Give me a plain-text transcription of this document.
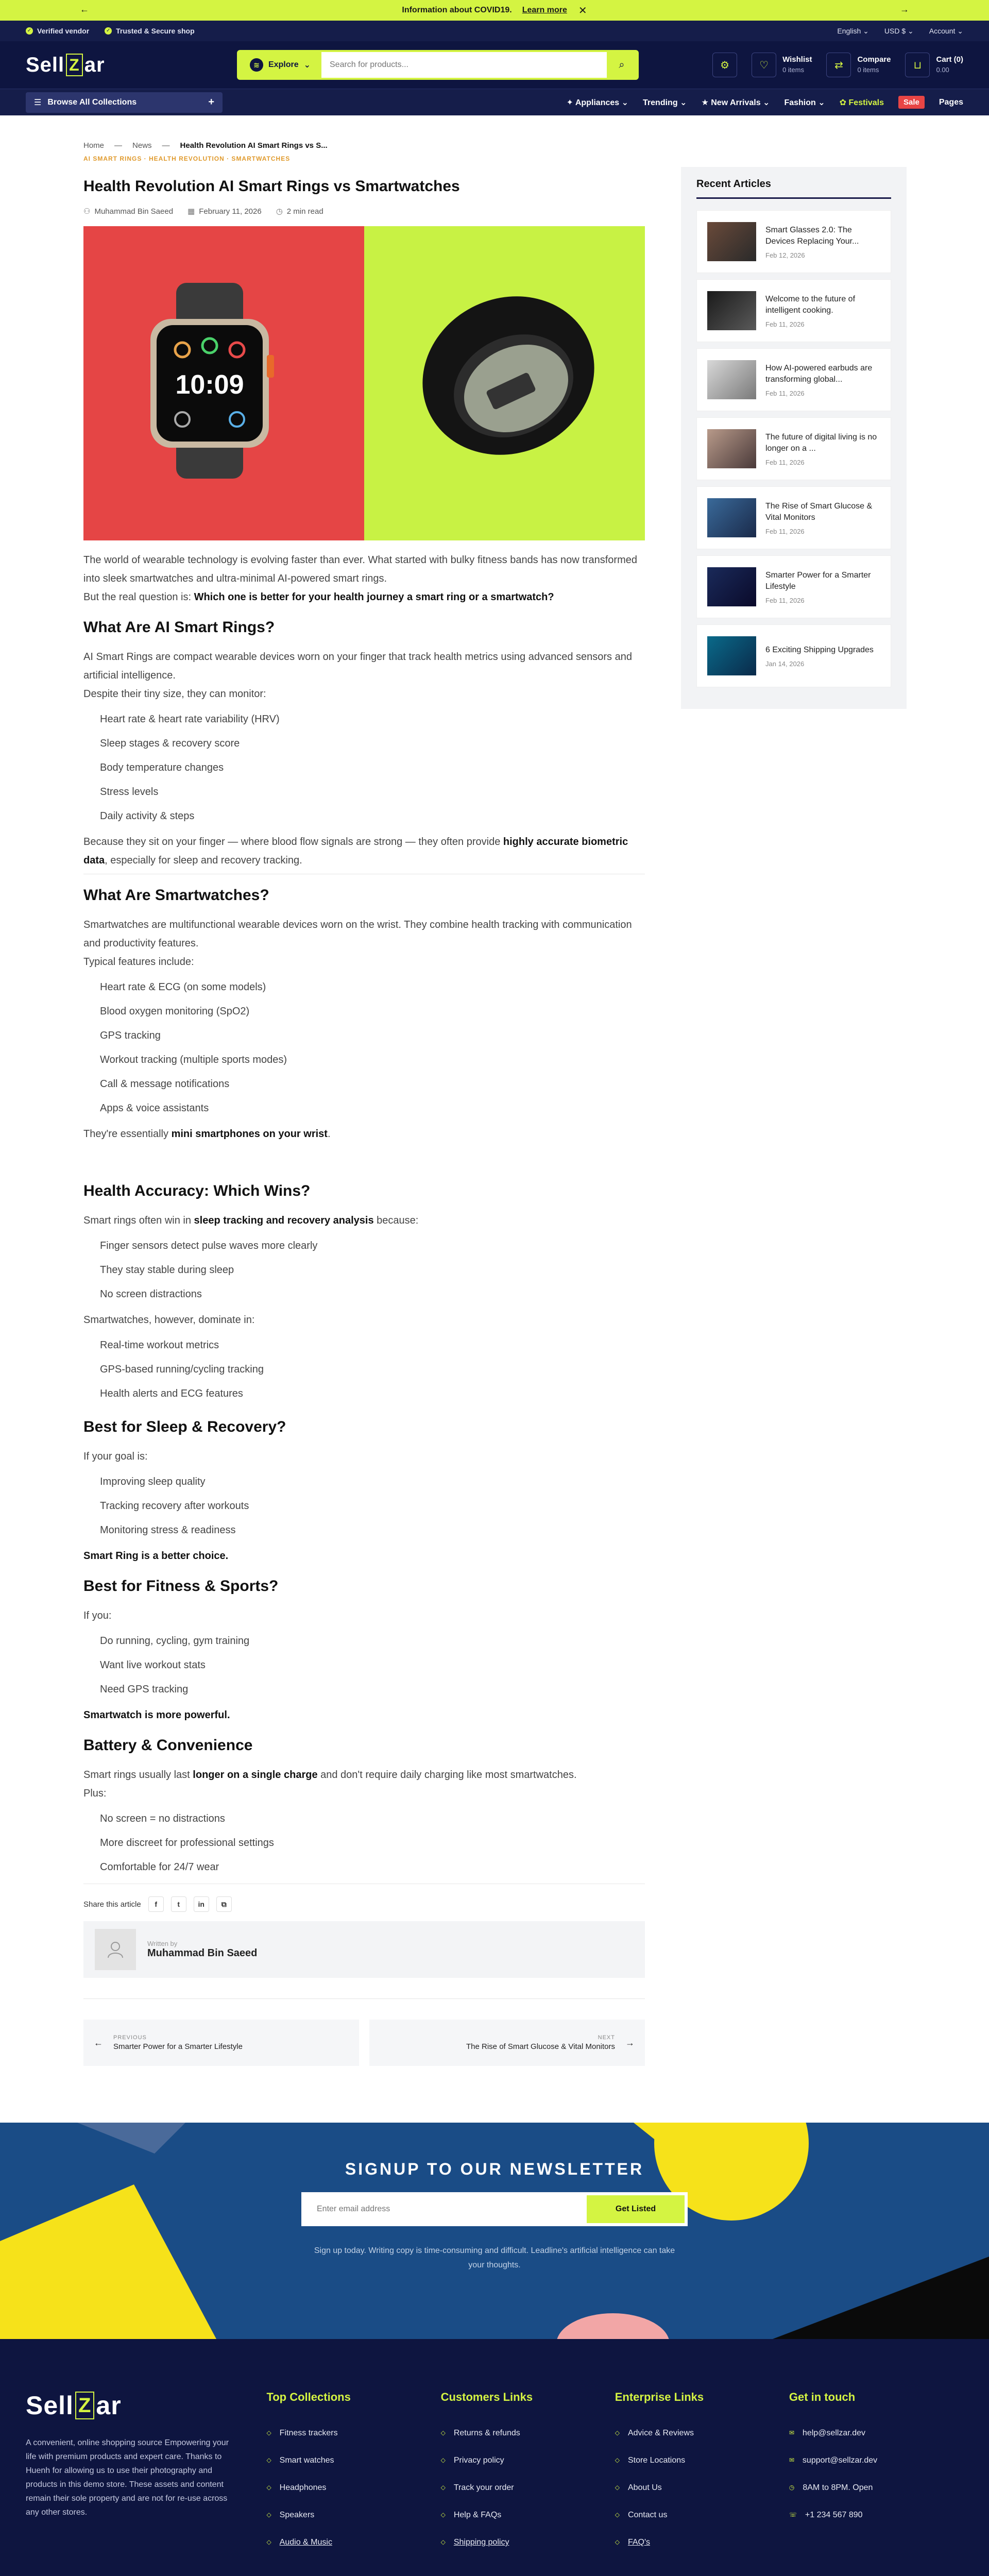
←	Information about COVID19. Learn more ✕	→
✓ Verified vendor	✓ Trusted & Secure shop	English ⌄ USD $ ⌄ Account ⌄
Sell Z ar	≋	Explore ⌄
Search for products...	⌕	⚙	♡	Wishlist
0 items	⇄	Compare
0 items	⊔	Cart (0)
0.00
☰ Browse All Collections	+	✦ Appliances ⌄ Trending ⌄ ★ New Arrivals ⌄ Fashion ⌄ ✿ Festivals	Sale	Pages
Home — News — Health Revolution AI Smart Rings vs S...
AI SMART RINGS · HEALTH REVOLUTION · SMARTWATCHES
Health Revolution AI Smart Rings vs Smartwatches
⚇ Muhammad Bin Saeed ▦ February 11, 2026 ◷ 2 min read
10:09

The world of wearable technology is evolving faster than ever. What started with bulky fitness bands has now transformed into sleek smartwatches and ultra-minimal AI-powered smart rings.

But the real question is: Which one is better for your health journey a smart ring or a smartwatch?

What Are AI Smart Rings?

AI Smart Rings are compact wearable devices worn on your finger that track health metrics using advanced sensors and artificial intelligence.

Despite their tiny size, they can monitor:

Heart rate & heart rate variability (HRV)
Sleep stages & recovery score
Body temperature changes
Stress levels
Daily activity & steps

Because they sit on your finger — where blood flow signals are strong — they often provide highly accurate biometric data, especially for sleep and recovery tracking.

What Are Smartwatches?

Smartwatches are multifunctional wearable devices worn on the wrist. They combine health tracking with communication and productivity features.

Typical features include:

Heart rate & ECG (on some models)
Blood oxygen monitoring (SpO2)
GPS tracking
Workout tracking (multiple sports modes)
Call & message notifications
Apps & voice assistants

They're essentially mini smartphones on your wrist.

Health Accuracy: Which Wins?

Smart rings often win in sleep tracking and recovery analysis because:

Finger sensors detect pulse waves more clearly
They stay stable during sleep
No screen distractions

Smartwatches, however, dominate in:

Real-time workout metrics
GPS-based running/cycling tracking
Health alerts and ECG features
Best for Sleep & Recovery?

If your goal is:

Improving sleep quality
Tracking recovery after workouts
Monitoring stress & readiness

Smart Ring is a better choice.

Best for Fitness & Sports?

If you:

Do running, cycling, gym training
Want live workout stats
Need GPS tracking

Smartwatch is more powerful.

Battery & Convenience

Smart rings usually last longer on a single charge and don't require daily charging like most smartwatches.

Plus:

No screen = no distractions
More discreet for professional settings
Comfortable for 24/7 wear
Share this article	f	t	in	⧉
Written by
Muhammad Bin Saeed
← PREVIOUS
Smarter Power for a Smarter Lifestyle
NEXT
The Rise of Smart Glucose & Vital Monitors →
Recent Articles
Smart Glasses 2.0: The Devices Replacing Your...
Feb 12, 2026
Welcome to the future of intelligent cooking.
Feb 11, 2026
How AI-powered earbuds are transforming global...
Feb 11, 2026
The future of digital living is no longer on a ...
Feb 11, 2026
The Rise of Smart Glucose & Vital Monitors
Feb 11, 2026
Smarter Power for a Smarter Lifestyle
Feb 11, 2026
6 Exciting Shipping Upgrades
Jan 14, 2026
SIGNUP TO OUR NEWSLETTER
Enter email address
Get Listed

Sign up today. Writing copy is time-consuming and difficult. Leadline's artificial intelligence can take your thoughts.

Sell Z ar

A convenient, online shopping source Empowering your life with premium products and expert care. Thanks to Huenh for allowing us to use their photography and products in this demo store. These assets and content remain their sole property and are not for re-use across any other stores.

Top Collections
◇ Fitness trackers
◇ Smart watches
◇ Headphones
◇ Speakers
◇ Audio & Music
Customers Links
◇ Returns & refunds
◇ Privacy policy
◇ Track your order
◇ Help & FAQs
◇ Shipping policy
Enterprise Links
◇ Advice & Reviews
◇ Store Locations
◇ About Us
◇ Contact us
◇ FAQ's
Get in touch
✉ help@sellzar.dev
✉ support@sellzar.dev
◷ 8AM to 8PM. Open
☏ +1 234 567 890
